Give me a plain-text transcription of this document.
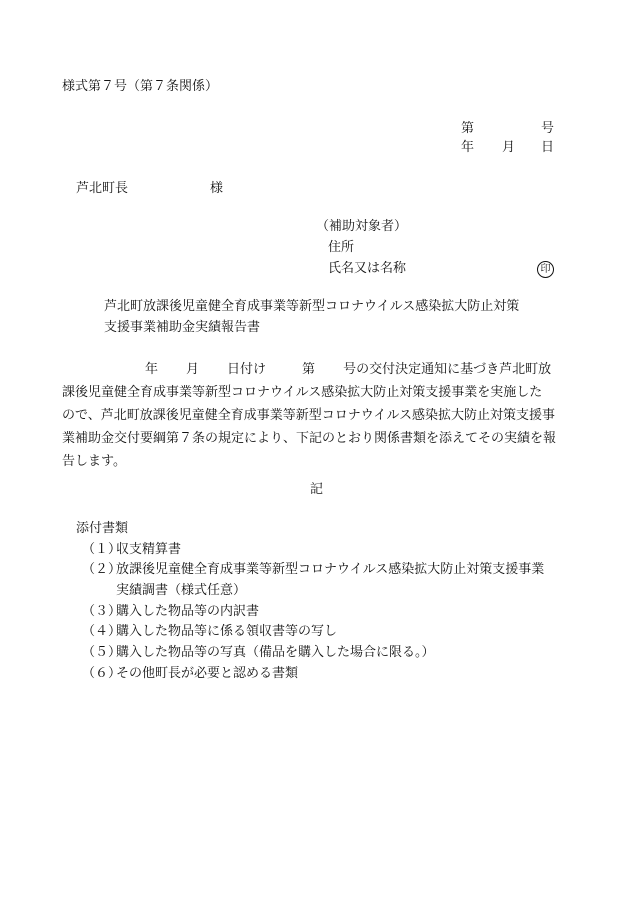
様式第７号（第７条関係）
第	号
年 月 日
芦北町長	様
（補助対象者）
住所
氏名又は名称	印
芦北町放課後児童健全育成事業等新型コロナウイルス感染拡大防止対策
支援事業補助金実績報告書
年 月 日付け	第 号の交付決定通知に基づき芦北町放
課後児童健全育成事業等新型コロナウイルス感染拡大防止対策支援事業を実施した
ので、芦北町放課後児童健全育成事業等新型コロナウイルス感染拡大防止対策支援事
業補助金交付要綱第７条の規定により、下記のとおり関係書類を添えてその実績を報
告します。
記
添付書類
（１）
収支精算書
（２）
放課後児童健全育成事業等新型コロナウイルス感染拡大防止対策支援事業
実績調書（様式任意）
（３）
購入した物品等の内訳書
（４）
購入した物品等に係る領収書等の写し
（５）
購入した物品等の写真（備品を購入した場合に限る。）
（６）
その他町長が必要と認める書類
